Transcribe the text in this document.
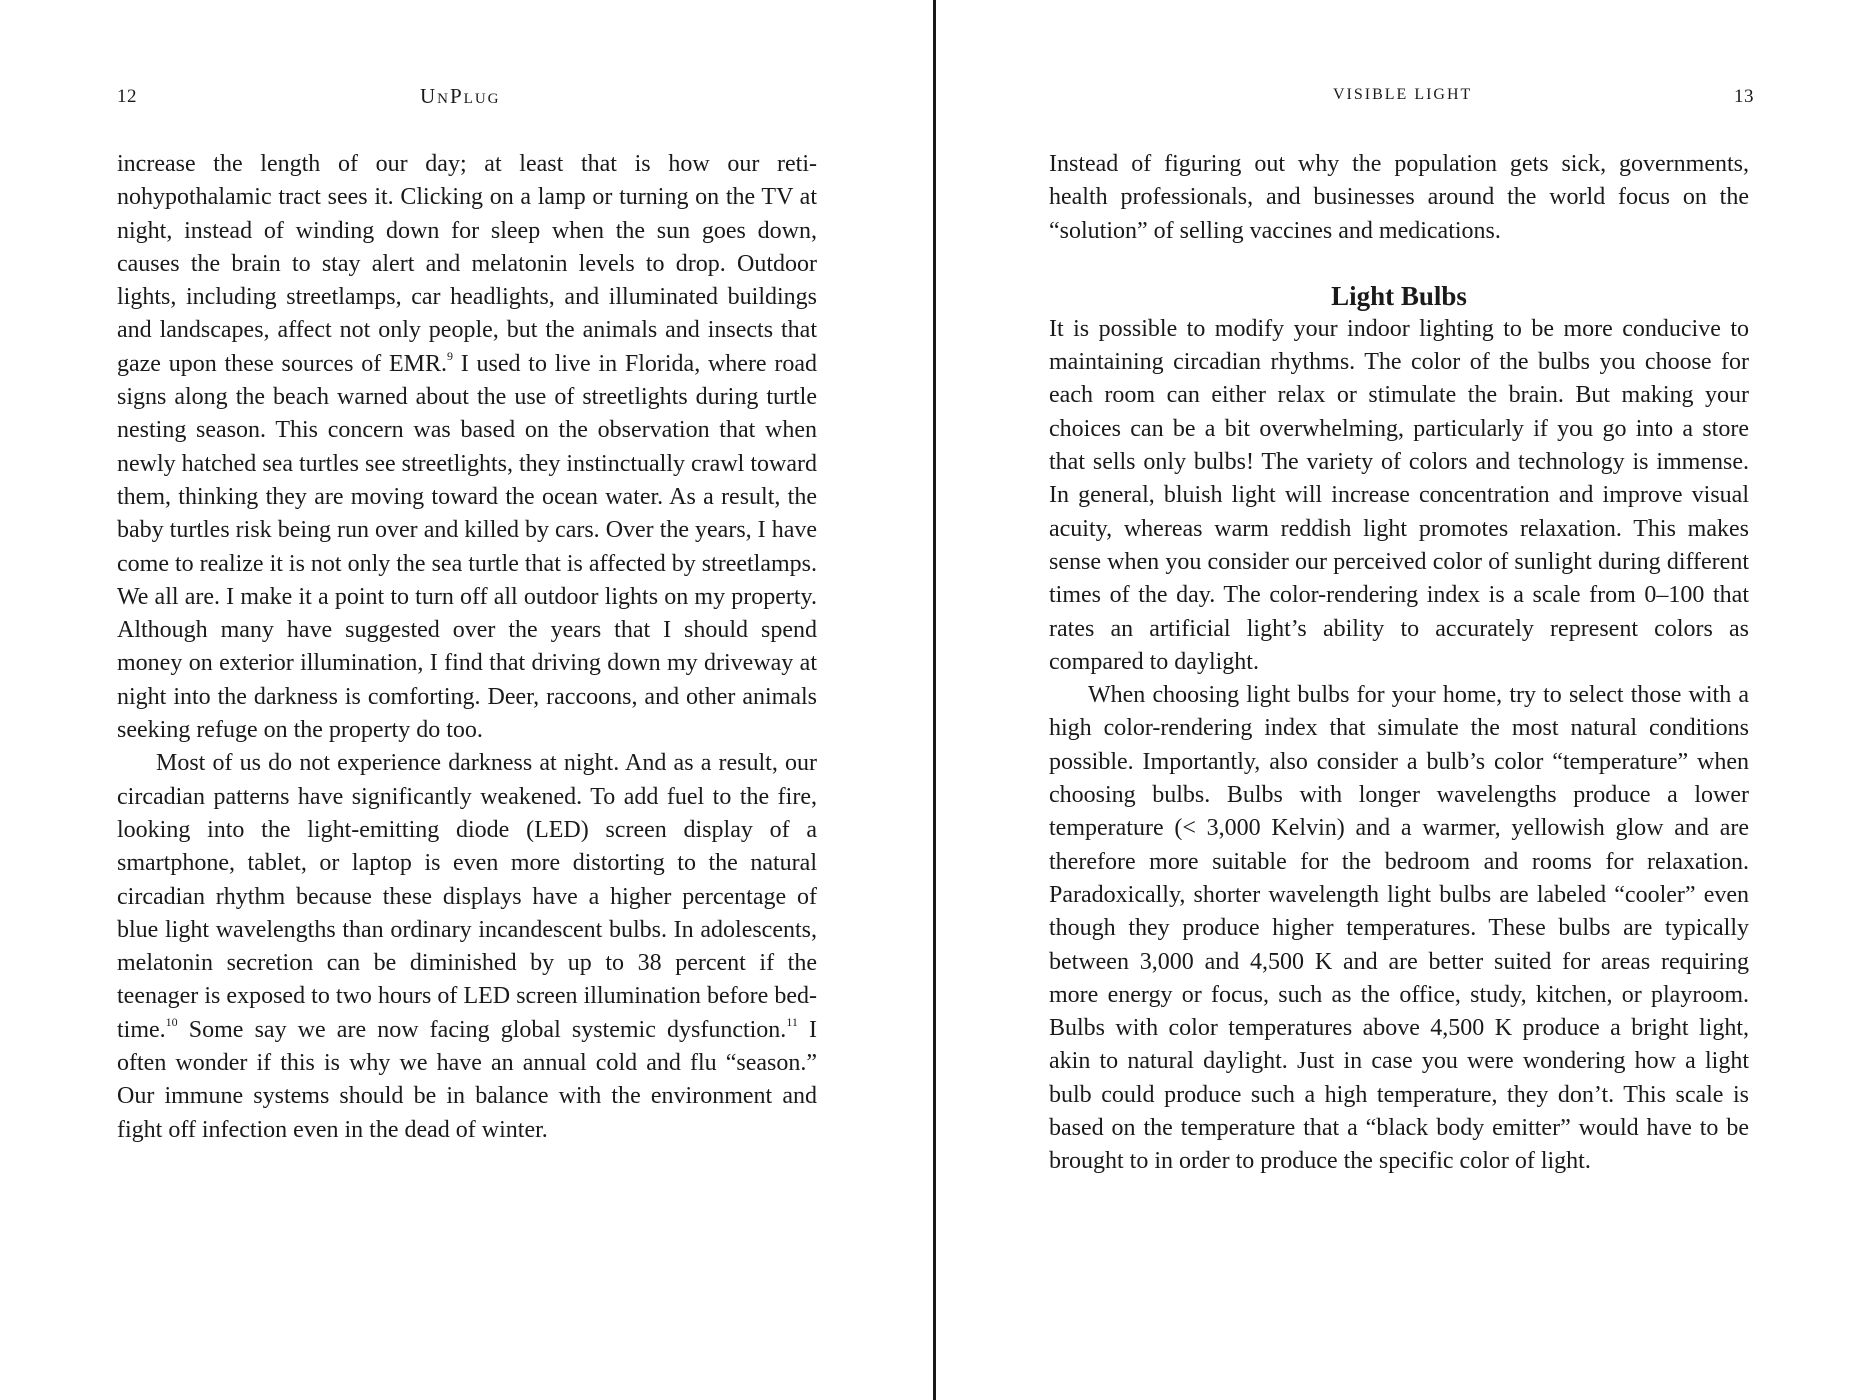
12	UnPlug

increase the length of our day; at least that is how our retinohypothalamic tract sees it. Clicking on a lamp or turning on the TV at night, instead of winding down for sleep when the sun goes down, causes the brain to stay alert and melatonin levels to drop. Outdoor lights, including streetlamps, car headlights, and illuminated buildings and landscapes, affect not only people, but the animals and insects that gaze upon these sources of EMR.$^9$ I used to live in Florida, where road signs along the beach warned about the use of streetlights during turtle nesting season. This concern was based on the observation that when newly hatched sea turtles see streetlights, they instinctually crawl toward them, thinking they are moving toward the ocean water. As a result, the baby turtles risk being run over and killed by cars. Over the years, I have come to realize it is not only the sea turtle that is affected by streetlamps. We all are. I make it a point to turn off all outdoor lights on my property. Although many have suggested over the years that I should spend money on exterior illumination, I find that driving down my driveway at night into the darkness is comforting. Deer, raccoons, and other animals seeking refuge on the property do too.

Most of us do not experience darkness at night. And as a result, our circadian patterns have significantly weakened. To add fuel to the fire, looking into the light-emitting diode (LED) screen display of a smartphone, tablet, or laptop is even more distorting to the natural circadian rhythm because these displays have a higher percentage of blue light wavelengths than ordinary incandescent bulbs. In adolescents, melatonin secretion can be diminished by up to 38 percent if the teenager is exposed to two hours of LED screen illumination before bedtime.$^{10}$ Some say we are now facing global systemic dysfunction.$^{11}$ I often wonder if this is why we have an annual cold and flu “season.” Our immune systems should be in balance with the environment and fight off infection even in the dead of winter.

VISIBLE LIGHT	13

Instead of figuring out why the population gets sick, governments, health professionals, and businesses around the world focus on the “solution” of selling vaccines and medications.

Light Bulbs

It is possible to modify your indoor lighting to be more conducive to maintaining circadian rhythms. The color of the bulbs you choose for each room can either relax or stimulate the brain. But making your choices can be a bit overwhelming, particularly if you go into a store that sells only bulbs! The variety of colors and technology is immense. In general, bluish light will increase concentration and improve visual acuity, whereas warm reddish light promotes relaxation. This makes sense when you consider our perceived color of sunlight during different times of the day. The color-rendering index is a scale from 0–100 that rates an artificial light’s ability to accurately represent colors as compared to daylight.

When choosing light bulbs for your home, try to select those with a high color-rendering index that simulate the most natural conditions possible. Importantly, also consider a bulb’s color “temperature” when choosing bulbs. Bulbs with longer wavelengths produce a lower temperature (< 3,000 Kelvin) and a warmer, yellowish glow and are therefore more suitable for the bedroom and rooms for relaxation. Paradoxically, shorter wavelength light bulbs are labeled “cooler” even though they produce higher temperatures. These bulbs are typically between 3,000 and 4,500 K and are better suited for areas requiring more energy or focus, such as the office, study, kitchen, or playroom. Bulbs with color temperatures above 4,500 K produce a bright light, akin to natural daylight. Just in case you were wondering how a light bulb could produce such a high temperature, they don’t. This scale is based on the temperature that a “black body emitter” would have to be brought to in order to produce the specific color of light.
